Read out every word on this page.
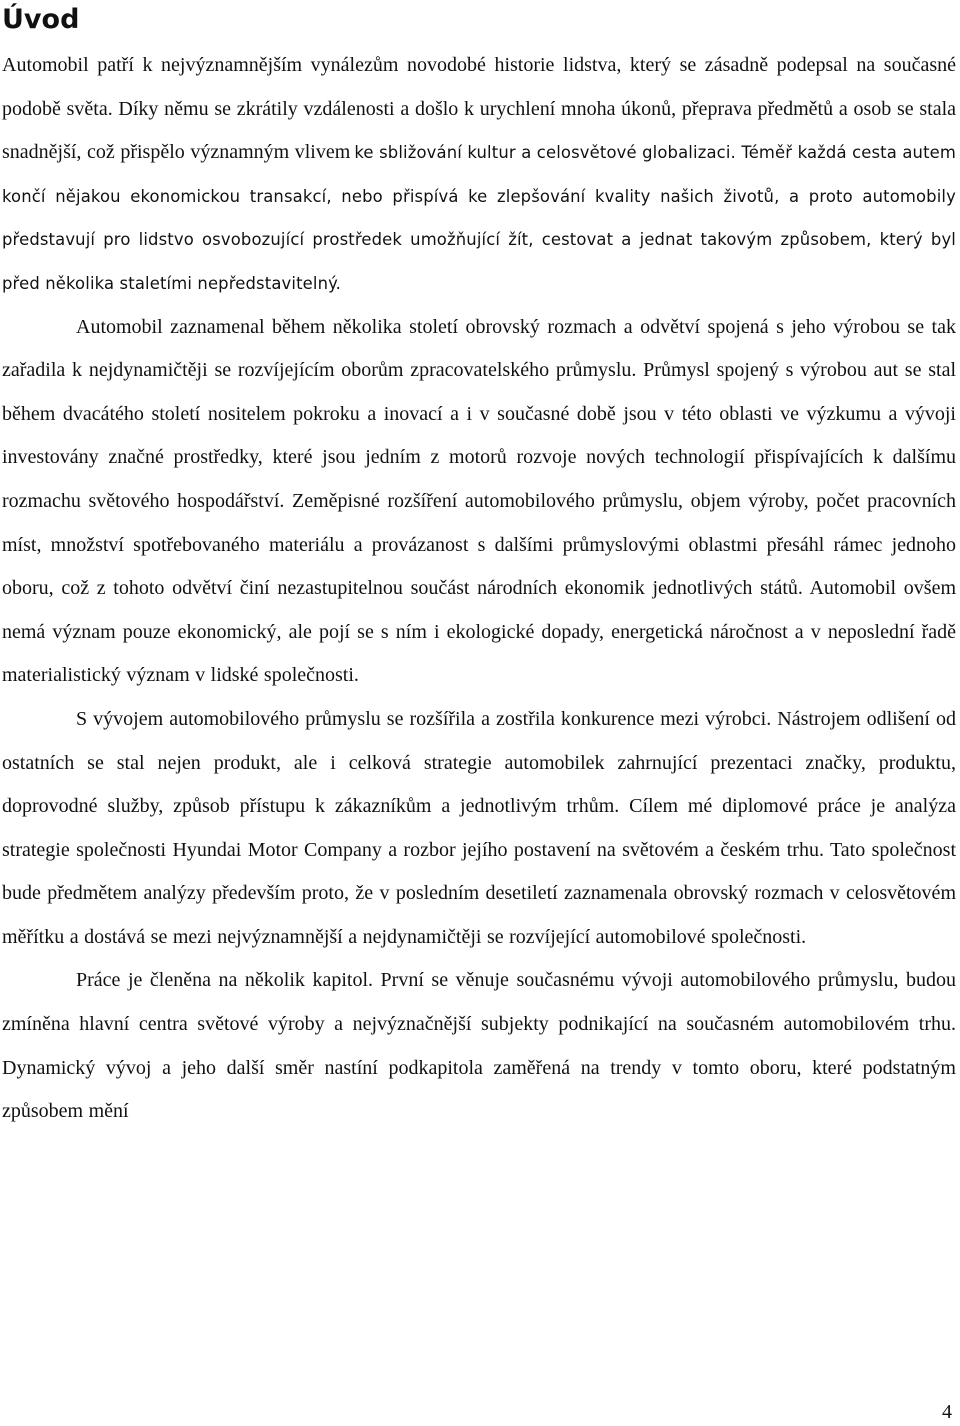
Úvod

Automobil patří k nejvýznamnějším vynálezům novodobé historie lidstva, který se zásadně podepsal na současné podobě světa. Díky němu se zkrátily vzdálenosti a došlo k urychlení mnoha úkonů, přeprava předmětů a osob se stala snadnější, což přispělo významným vlivem ke sbližování kultur a celosvětové globalizaci. Téměř každá cesta autem končí nějakou ekonomickou transakcí, nebo přispívá ke zlepšování kvality našich životů, a proto automobily představují pro lidstvo osvobozující prostředek umožňující žít, cestovat a jednat takovým způsobem, který byl před několika staletími nepředstavitelný.

Automobil zaznamenal během několika století obrovský rozmach a odvětví spojená s jeho výrobou se tak zařadila k nejdynamičtěji se rozvíjejícím oborům zpracovatelského průmyslu. Průmysl spojený s výrobou aut se stal během dvacátého století nositelem pokroku a inovací a i v současné době jsou v této oblasti ve výzkumu a vývoji investovány značné prostředky, které jsou jedním z motorů rozvoje nových technologií přispívajících k dalšímu rozmachu světového hospodářství. Zeměpisné rozšíření automobilového průmyslu, objem výroby, počet pracovních míst, množství spotřebovaného materiálu a provázanost s dalšími průmyslovými oblastmi přesáhl rámec jednoho oboru, což z tohoto odvětví činí nezastupitelnou součást národních ekonomik jednotlivých států. Automobil ovšem nemá význam pouze ekonomický, ale pojí se s ním i ekologické dopady, energetická náročnost a v neposlední řadě materialistický význam v lidské společnosti.

S vývojem automobilového průmyslu se rozšířila a zostřila konkurence mezi výrobci. Nástrojem odlišení od ostatních se stal nejen produkt, ale i celková strategie automobilek zahrnující prezentaci značky, produktu, doprovodné služby, způsob přístupu k zákazníkům a jednotlivým trhům. Cílem mé diplomové práce je analýza strategie společnosti Hyundai Motor Company a rozbor jejího postavení na světovém a českém trhu. Tato společnost bude předmětem analýzy především proto, že v posledním desetiletí zaznamenala obrovský rozmach v celosvětovém měřítku a dostává se mezi nejvýznamnější a nejdynamičtěji se rozvíjející automobilové společnosti.

Práce je členěna na několik kapitol. První se věnuje současnému vývoji automobilového průmyslu, budou zmíněna hlavní centra světové výroby a nejvýznačnější subjekty podnikající na současném automobilovém trhu. Dynamický vývoj a jeho další směr nastíní podkapitola zaměřená na trendy v tomto oboru, které podstatným způsobem mění

4
